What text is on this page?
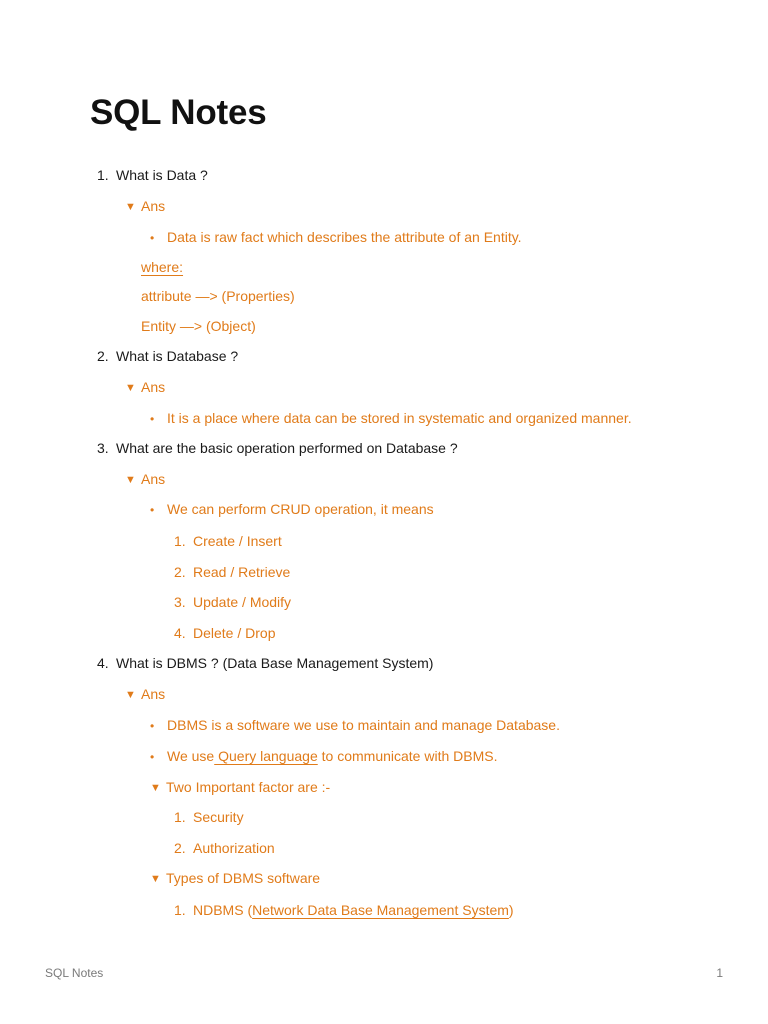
SQL Notes
1. What is Data ?
▼ Ans
• Data is raw fact which describes the attribute of an Entity.
where:
attribute —> (Properties)
Entity —> (Object)
2. What is Database ?
▼ Ans
• It is a place where data can be stored in systematic and organized manner.
3. What are the basic operation performed on Database ?
▼ Ans
• We can perform CRUD operation, it means
1. Create / Insert
2. Read / Retrieve
3. Update / Modify
4. Delete / Drop
4. What is DBMS ? (Data Base Management System)
▼ Ans
• DBMS is a software we use to maintain and manage Database.
• We use Query language to communicate with DBMS.
▼ Two Important factor are :-
1. Security
2. Authorization
▼ Types of DBMS software
1. NDBMS (Network Data Base Management System)
SQL Notes	1
